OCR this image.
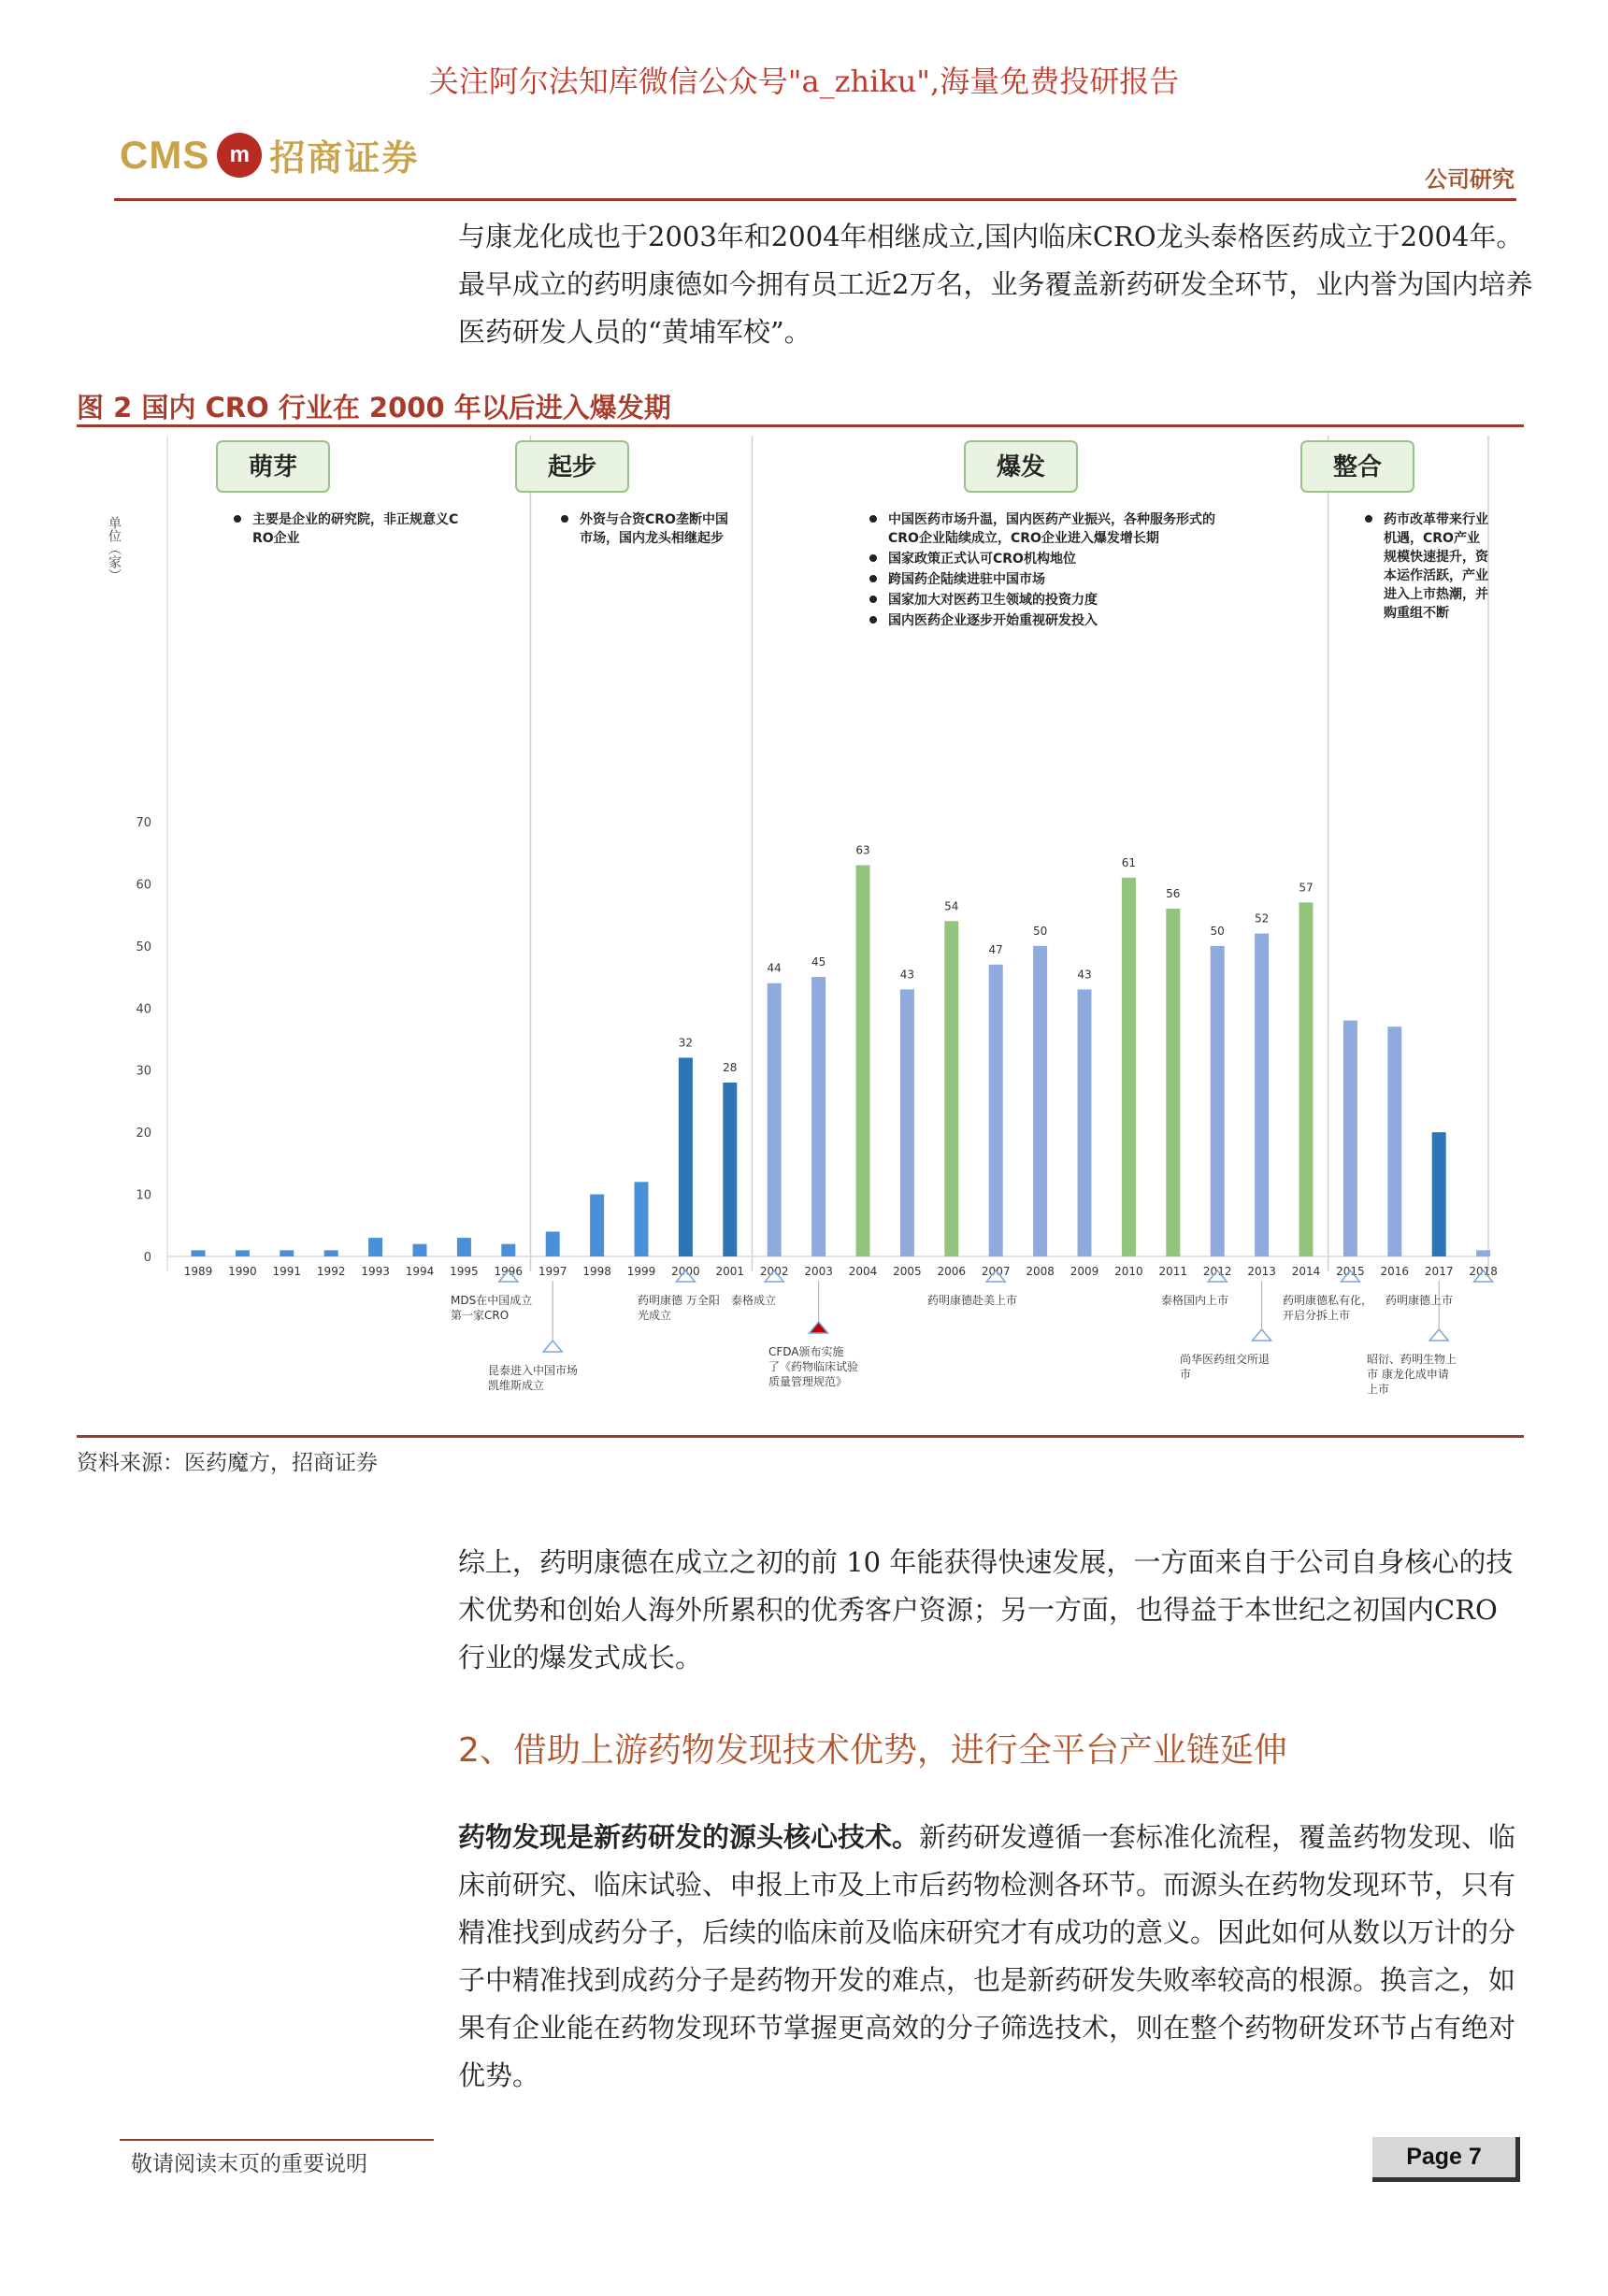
关注阿尔法知库微信公众号"a_zhiku",海量免费投研报告
CMS m 招商证券
公司研究
与康龙化成也于2003年和2004年相继成立,国内临床CRO龙头泰格医药成立于2004年。最早成立的药明康德如今拥有员工近2万名，业务覆盖新药研发全环节，业内誉为国内培养医药研发人员的“黄埔军校”。
图 2 国内 CRO 行业在 2000 年以后进入爆发期
0
10
20
30
40
50
60
70
单位（家）
1989 1990 1991 1992 1993 1994 1995 1996 1997 1998 1999 2000
32
2001
28
2002
44
2003
45
2004
63
2005
43
2006
54
2007
47
2008
50
2009
43
2010
61
2011
56
2012
50
2013
52
2014
57
2015 2016 2017 2018
萌芽
主要是企业的研究院，非正规意义C
RO企业
起步
外资与合资CRO垄断中国
市场，国内龙头相继起步
爆发
中国医药市场升温，国内医药产业振兴，各种服务形式的
CRO企业陆续成立，CRO企业进入爆发增长期
国家政策正式认可CRO机构地位
跨国药企陆续进驻中国市场
国家加大对医药卫生领域的投资力度
国内医药企业逐步开始重视研发投入
整合
药市改革带来行业
机遇，CRO产业
规模快速提升，资
本运作活跃，产业
进入上市热潮，并
购重组不断
MDS在中国成立
第一家CRO
昆泰进入中国市场
凯维斯成立
药明康德 万全阳
光成立
泰格成立
CFDA颁布实施
了《药物临床试验
质量管理规范》
药明康德赴美上市	泰格国内上市
尚华医药纽交所退
市
药明康德私有化，
开启分拆上市
昭衍、药明生物上
市 康龙化成申请
上市
药明康德上市
资料来源：医药魔方，招商证券
综上，药明康德在成立之初的前 10 年能获得快速发展，一方面来自于公司自身核心的技术优势和创始人海外所累积的优秀客户资源；另一方面，也得益于本世纪之初国内CRO 行业的爆发式成长。
2、借助上游药物发现技术优势，进行全平台产业链延伸
药物发现是新药研发的源头核心技术。新药研发遵循一套标准化流程，覆盖药物发现、临床前研究、临床试验、申报上市及上市后药物检测各环节。而源头在药物发现环节，只有精准找到成药分子，后续的临床前及临床研究才有成功的意义。因此如何从数以万计的分子中精准找到成药分子是药物开发的难点，也是新药研发失败率较高的根源。换言之，如果有企业能在药物发现环节掌握更高效的分子筛选技术，则在整个药物研发环节占有绝对优势。
敬请阅读末页的重要说明	Page 7
